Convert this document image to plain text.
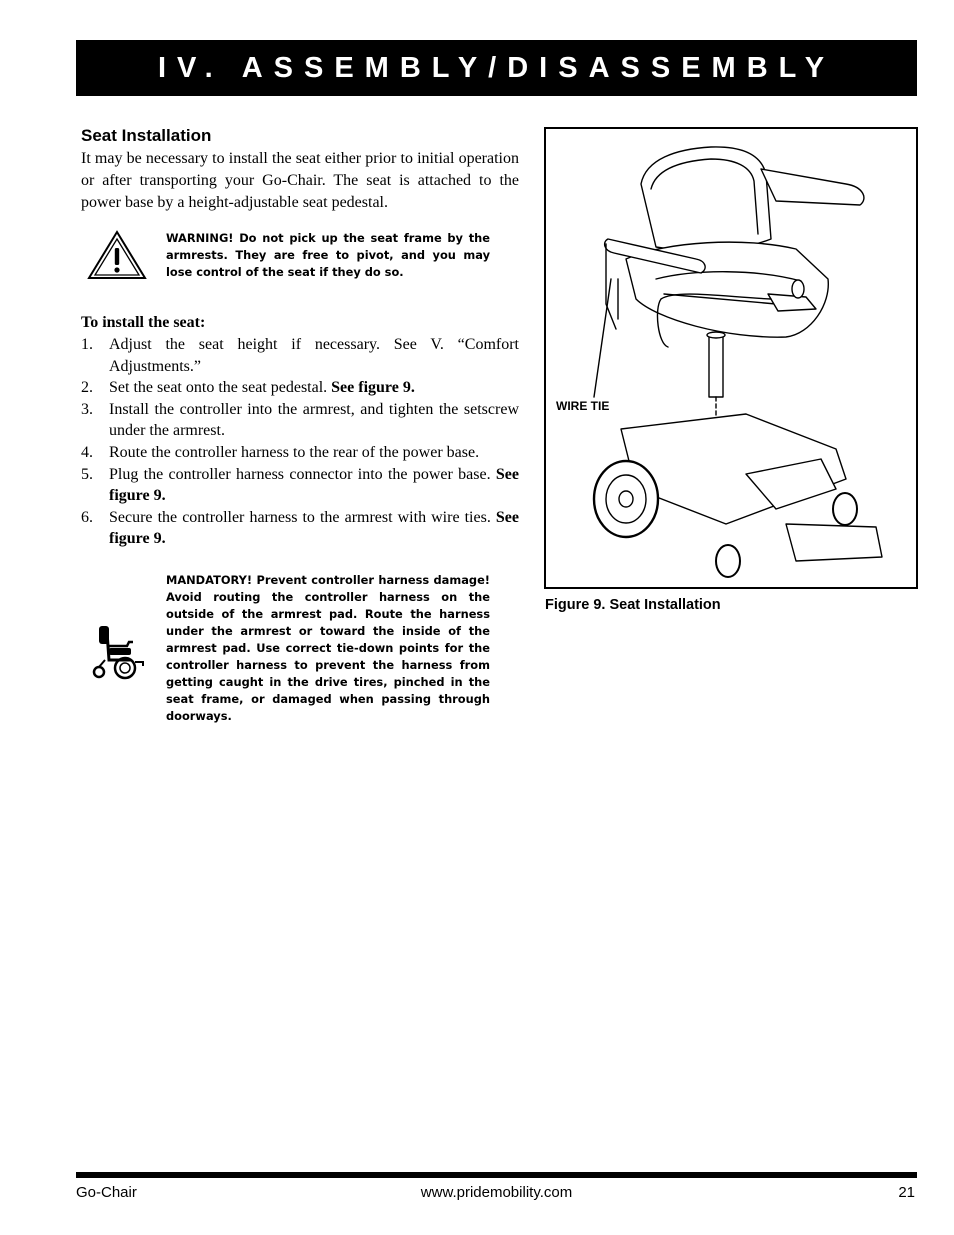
IV. ASSEMBLY/DISASSEMBLY
Seat Installation

It may be necessary to install the seat either prior to initial operation or after transporting your Go-Chair. The seat is attached to the power base by a height-adjustable seat pedestal.

WARNING! Do not pick up the seat frame by the armrests. They are free to pivot, and you may lose control of the seat if they do so.
To install the seat:
1.	Adjust the seat height if necessary. See V. “Comfort Adjustments.”
2.	Set the seat onto the seat pedestal. See figure 9.
3.	Install the controller into the armrest, and tighten the setscrew under the armrest.
4.	Route the controller harness to the rear of the power base.
5.	Plug the controller harness connector into the power base. See figure 9.
6.	Secure the controller harness to the armrest with wire ties. See figure 9.
MANDATORY! Prevent controller harness damage! Avoid routing the controller harness on the outside of the armrest pad. Route the harness under the armrest or toward the inside of the armrest pad. Use correct tie-down points for the controller harness to prevent the harness from getting caught in the drive tires, pinched in the seat frame, or damaged when passing through doorways.
WIRE TIE
Figure 9. Seat Installation
Go-Chair	www.pridemobility.com	21
